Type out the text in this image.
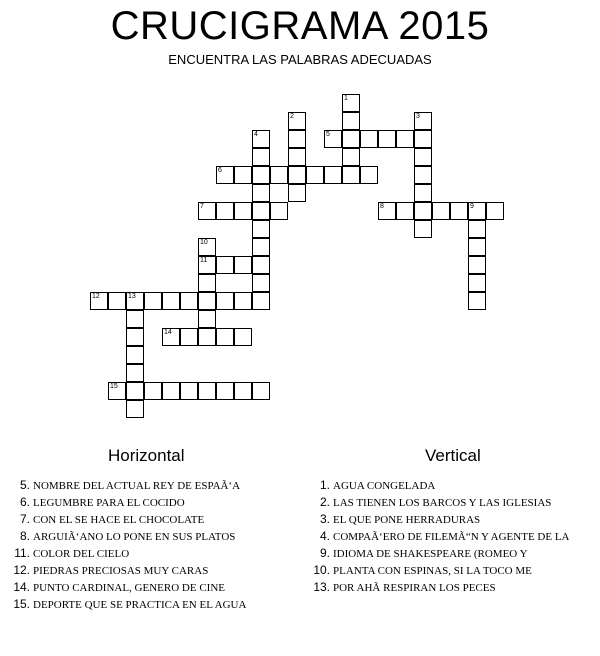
CRUCIGRAMA 2015
ENCUENTRA LAS PALABRAS ADECUADAS
1
2	3
4	5
6
7	8	9
10
11
12	13
14
15
Horizontal	Vertical
5. NOMBRE DEL ACTUAL REY DE ESPAÃ‘A
6. LEGUMBRE PARA EL COCIDO
7. CON EL SE HACE EL CHOCOLATE
8. ARGUIÃ‘ANO LO PONE EN SUS PLATOS
11. COLOR DEL CIELO
12. PIEDRAS PRECIOSAS MUY CARAS
14. PUNTO CARDINAL, GENERO DE CINE
15. DEPORTE QUE SE PRACTICA EN EL AGUA
1. AGUA CONGELADA
2. LAS TIENEN LOS BARCOS Y LAS IGLESIAS
3. EL QUE PONE HERRADURAS
4. COMPAÃ‘ERO DE FILEMÃ“N Y AGENTE DE LA
9. IDIOMA DE SHAKESPEARE (ROMEO Y
10. PLANTA CON ESPINAS, SI LA TOCO ME
13. POR AHÃ RESPIRAN LOS PECES
